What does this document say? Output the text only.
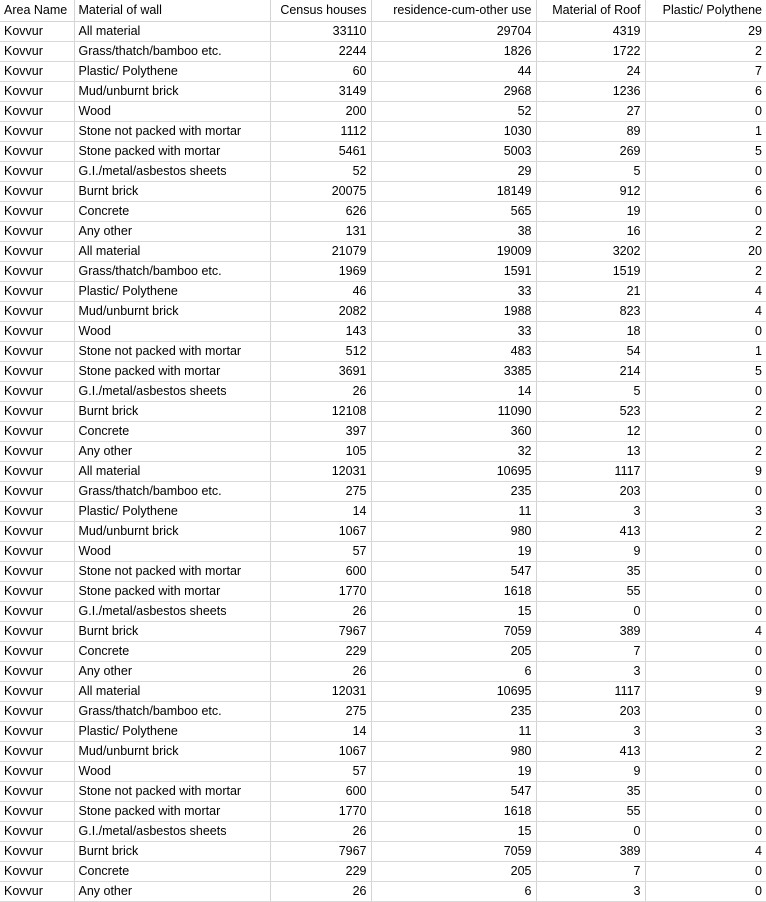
Area Name	Material of wall	Census houses	residence-cum-other use	Material of Roof	Plastic/ Polythene
Kovvur	All material	33110	29704	4319	29
Kovvur	Grass/thatch/bamboo etc.	2244	1826	1722	2
Kovvur	Plastic/ Polythene	60	44	24	7
Kovvur	Mud/unburnt brick	3149	2968	1236	6
Kovvur	Wood	200	52	27	0
Kovvur	Stone not packed with mortar	1112	1030	89	1
Kovvur	Stone packed with mortar	5461	5003	269	5
Kovvur	G.I./metal/asbestos sheets	52	29	5	0
Kovvur	Burnt brick	20075	18149	912	6
Kovvur	Concrete	626	565	19	0
Kovvur	Any other	131	38	16	2
Kovvur	All material	21079	19009	3202	20
Kovvur	Grass/thatch/bamboo etc.	1969	1591	1519	2
Kovvur	Plastic/ Polythene	46	33	21	4
Kovvur	Mud/unburnt brick	2082	1988	823	4
Kovvur	Wood	143	33	18	0
Kovvur	Stone not packed with mortar	512	483	54	1
Kovvur	Stone packed with mortar	3691	3385	214	5
Kovvur	G.I./metal/asbestos sheets	26	14	5	0
Kovvur	Burnt brick	12108	11090	523	2
Kovvur	Concrete	397	360	12	0
Kovvur	Any other	105	32	13	2
Kovvur	All material	12031	10695	1117	9
Kovvur	Grass/thatch/bamboo etc.	275	235	203	0
Kovvur	Plastic/ Polythene	14	11	3	3
Kovvur	Mud/unburnt brick	1067	980	413	2
Kovvur	Wood	57	19	9	0
Kovvur	Stone not packed with mortar	600	547	35	0
Kovvur	Stone packed with mortar	1770	1618	55	0
Kovvur	G.I./metal/asbestos sheets	26	15	0	0
Kovvur	Burnt brick	7967	7059	389	4
Kovvur	Concrete	229	205	7	0
Kovvur	Any other	26	6	3	0
Kovvur	All material	12031	10695	1117	9
Kovvur	Grass/thatch/bamboo etc.	275	235	203	0
Kovvur	Plastic/ Polythene	14	11	3	3
Kovvur	Mud/unburnt brick	1067	980	413	2
Kovvur	Wood	57	19	9	0
Kovvur	Stone not packed with mortar	600	547	35	0
Kovvur	Stone packed with mortar	1770	1618	55	0
Kovvur	G.I./metal/asbestos sheets	26	15	0	0
Kovvur	Burnt brick	7967	7059	389	4
Kovvur	Concrete	229	205	7	0
Kovvur	Any other	26	6	3	0
